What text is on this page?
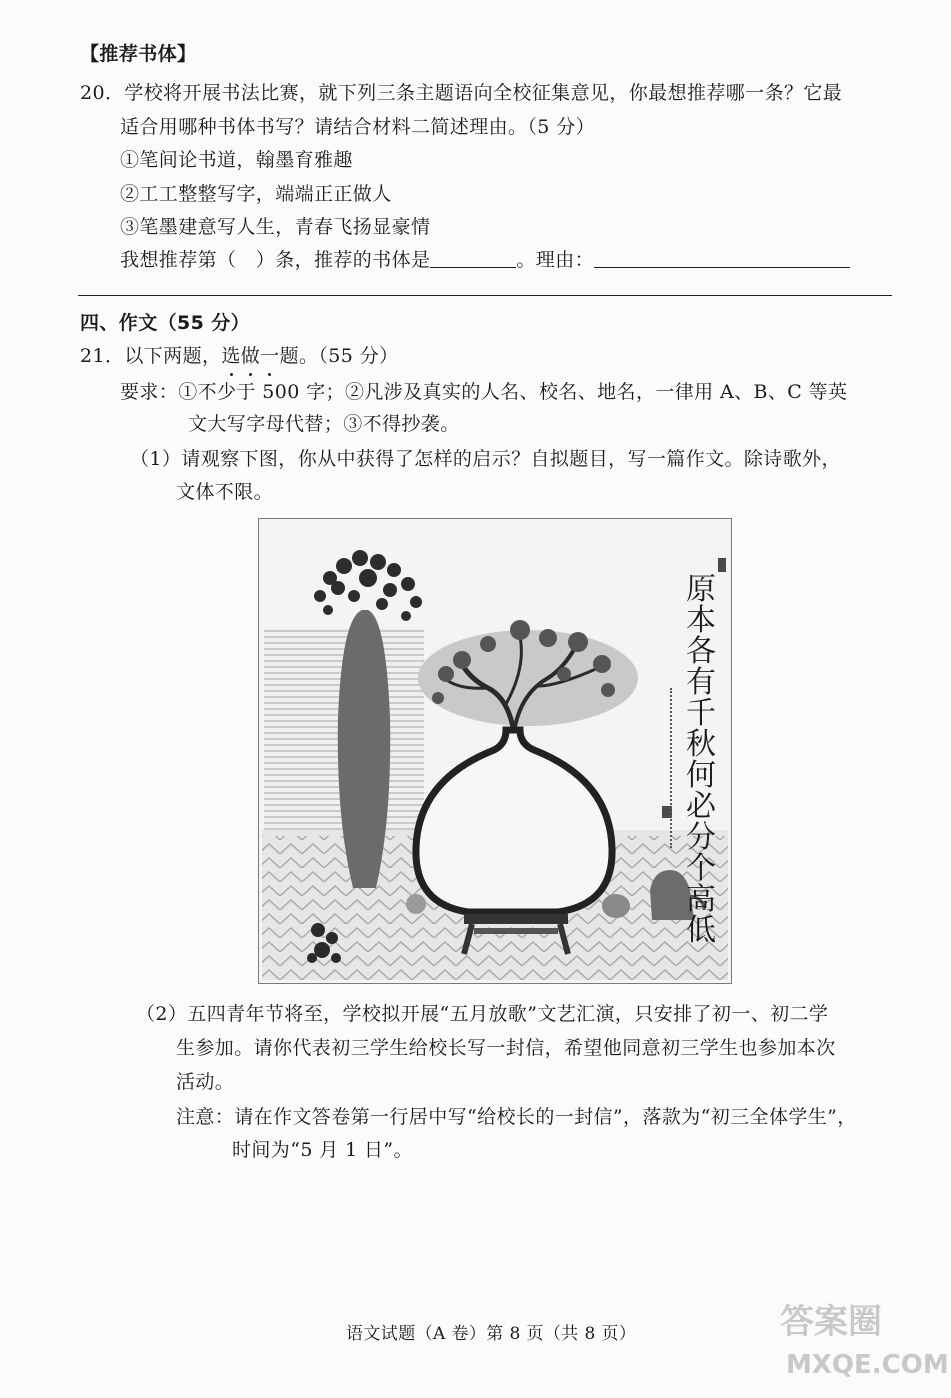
【推荐书体】
20．学校将开展书法比赛，就下列三条主题语向全校征集意见，你最想推荐哪一条？它最
适合用哪种书体书写？请结合材料二简述理由。（5 分）
①笔间论书道，翰墨育雅趣
②工工整整写字，端端正正做人
③笔墨建意写人生，青春飞扬显豪情
我想推荐第（　）条，推荐的书体是	。理由：
四、作文（55 分）
21．以下两题，选做一题。（55 分）
要求：①不少于 500 字；②凡涉及真实的人名、校名、地名，一律用 A、B、C 等英
文大写字母代替；③不得抄袭。
（1）请观察下图，你从中获得了怎样的启示？自拟题目，写一篇作文。除诗歌外，
文体不限。
原本各有千秋何必分个高低
（2）五四青年节将至，学校拟开展“五月放歌”文艺汇演，只安排了初一、初二学
生参加。请你代表初三学生给校长写一封信，希望他同意初三学生也参加本次
活动。
注意：请在作文答卷第一行居中写“给校长的一封信”，落款为“初三全体学生”，
时间为“5 月 1 日”。
语文试题（A 卷）第 8 页（共 8 页）	答案圈
MXQE.COM
